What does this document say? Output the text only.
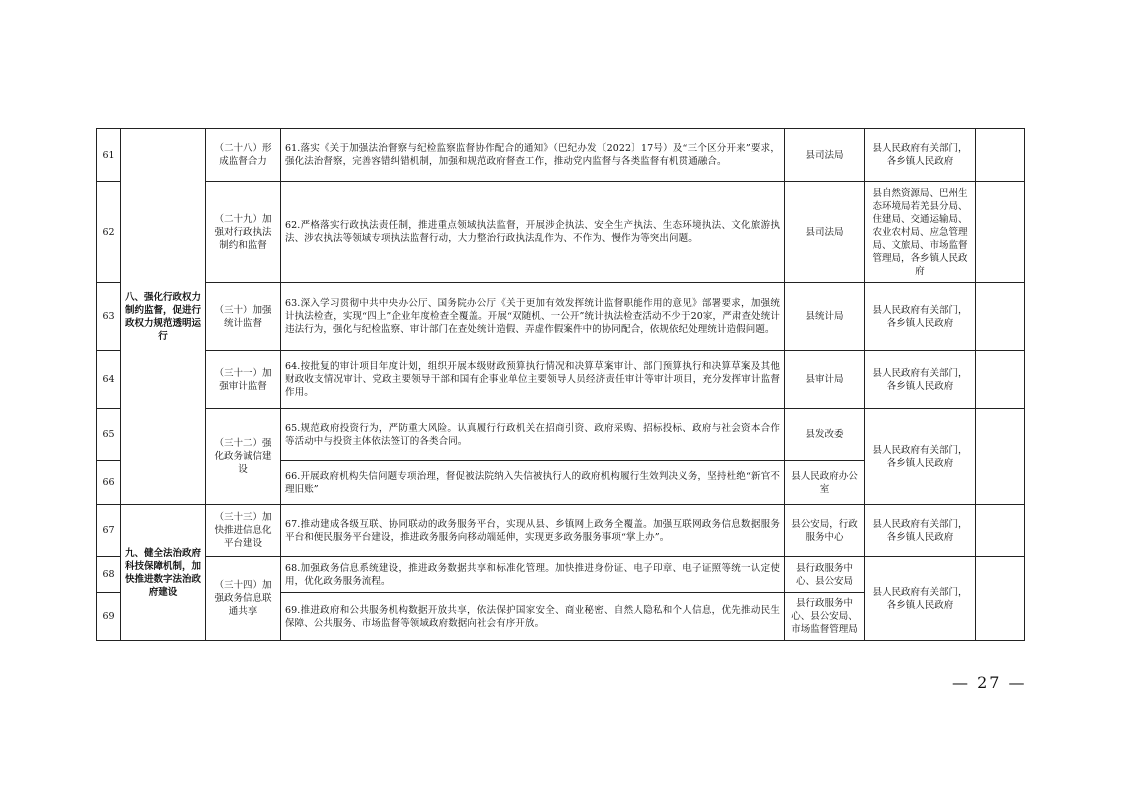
61	八、强化行政权力制约监督，促进行政权力规范透明运行	（二十八）形成监督合力	61.落实《关于加强法治督察与纪检监察监督协作配合的通知》（巴纪办发〔2022〕17号）及“三个区分开来”要求，强化法治督察，完善容错纠错机制，加强和规范政府督查工作，推动党内监督与各类监督有机贯通融合。	县司法局	县人民政府有关部门，各乡镇人民政府	
62		（二十九）加强对行政执法制约和监督	62.严格落实行政执法责任制，推进重点领域执法监督，开展涉企执法、安全生产执法、生态环境执法、文化旅游执法、涉农执法等领域专项执法监督行动，大力整治行政执法乱作为、不作为、慢作为等突出问题。	县司法局	县自然资源局、巴州生态环境局若羌县分局、住建局、交通运输局、农业农村局、应急管理局、文旅局、市场监督管理局，各乡镇人民政府	
63		（三十）加强统计监督	63.深入学习贯彻中共中央办公厅、国务院办公厅《关于更加有效发挥统计监督职能作用的意见》部署要求，加强统计执法检查，实现“四上”企业年度检查全覆盖。开展“双随机、一公开”统计执法检查活动不少于20家，严肃查处统计违法行为，强化与纪检监察、审计部门在查处统计造假、弄虚作假案件中的协同配合，依规依纪处理统计造假问题。	县统计局	县人民政府有关部门，各乡镇人民政府	
64		（三十一）加强审计监督	64.按批复的审计项目年度计划，组织开展本级财政预算执行情况和决算草案审计、部门预算执行和决算草案及其他财政收支情况审计、党政主要领导干部和国有企事业单位主要领导人员经济责任审计等审计项目，充分发挥审计监督作用。	县审计局	县人民政府有关部门，各乡镇人民政府	
65		（三十二）强化政务诚信建设	65.规范政府投资行为，严防重大风险。认真履行行政机关在招商引资、政府采购、招标投标、政府与社会资本合作等活动中与投资主体依法签订的各类合同。	县发改委	县人民政府有关部门，各乡镇人民政府	
66			66.开展政府机构失信问题专项治理，督促被法院纳入失信被执行人的政府机构履行生效判决义务，坚持杜绝“新官不理旧账”	县人民政府办公室		
67	九、健全法治政府科技保障机制，加快推进数字法治政府建设	（三十三）加快推进信息化平台建设	67.推动建成各级互联、协同联动的政务服务平台，实现从县、乡镇网上政务全覆盖。加强互联网政务信息数据服务平台和便民服务平台建设，推进政务服务向移动端延伸，实现更多政务服务事项“掌上办”。	县公安局，行政服务中心	县人民政府有关部门，各乡镇人民政府	
68		（三十四）加强政务信息联通共享	68.加强政务信息系统建设，推进政务数据共享和标准化管理。加快推进身份证、电子印章、电子证照等统一认定使用，优化政务服务流程。	县行政服务中心、县公安局	县人民政府有关部门，各乡镇人民政府	
69			69.推进政府和公共服务机构数据开放共享，依法保护国家安全、商业秘密、自然人隐私和个人信息，优先推动民生保障、公共服务、市场监督等领域政府数据向社会有序开放。	县行政服务中心、县公安局、市场监督管理局		
— 27 —
